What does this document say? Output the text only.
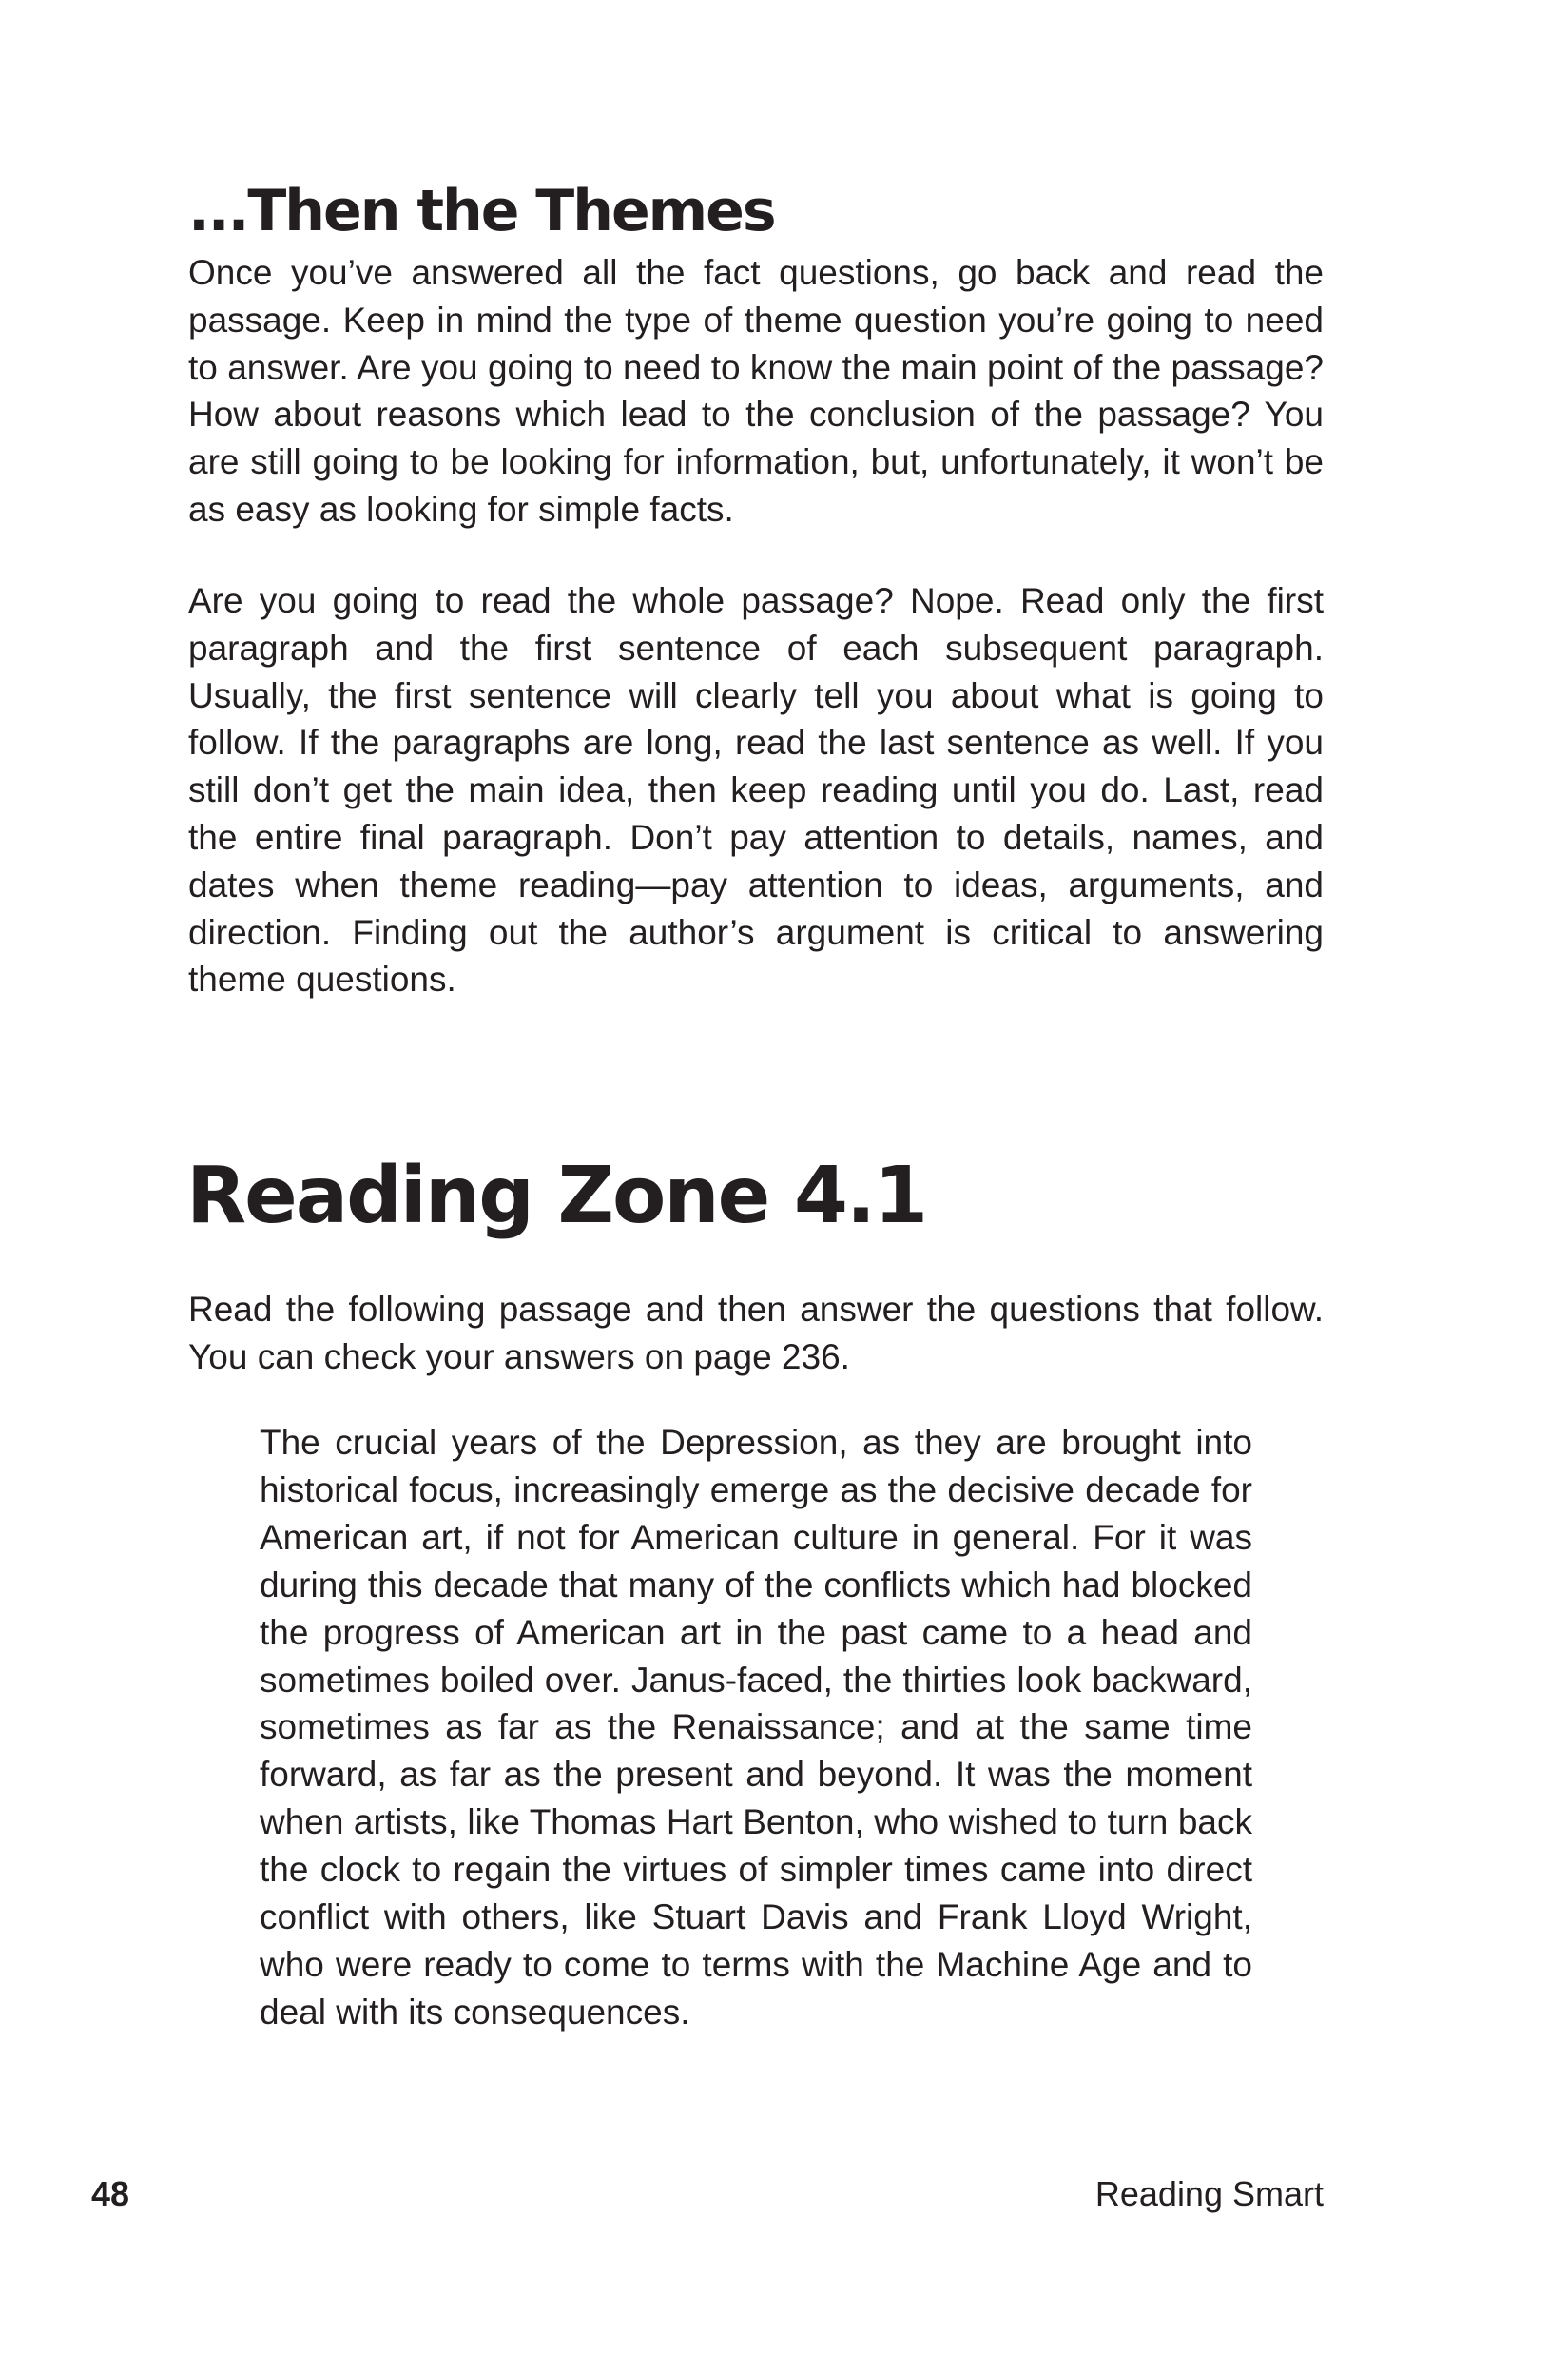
...Then the Themes

Once you’ve answered all the fact questions, go back and read the passage. Keep in mind the type of theme question you’re going to need to answer. Are you going to need to know the main point of the passage? How about reasons which lead to the conclusion of the passage? You are still going to be looking for information, but, unfortunately, it won’t be as easy as looking for simple facts.

Are you going to read the whole passage? Nope. Read only the first paragraph and the first sentence of each subsequent paragraph. Usually, the first sentence will clearly tell you about what is going to follow. If the paragraphs are long, read the last sentence as well. If you still don’t get the main idea, then keep reading until you do. Last, read the entire final paragraph. Don’t pay attention to details, names, and dates when theme reading—pay attention to ideas, arguments, and direction. Finding out the author’s argument is critical to answering theme questions.

Reading Zone 4.1

Read the following passage and then answer the questions that follow. You can check your answers on page 236.

The crucial years of the Depression, as they are brought into historical focus, increasingly emerge as the decisive decade for American art, if not for American culture in general. For it was during this decade that many of the conflicts which had blocked the progress of American art in the past came to a head and sometimes boiled over. Janus-faced, the thirties look backward, sometimes as far as the Renaissance; and at the same time forward, as far as the present and beyond. It was the moment when artists, like Thomas Hart Benton, who wished to turn back the clock to regain the virtues of simpler times came into direct conflict with others, like Stuart Davis and Frank Lloyd Wright, who were ready to come to terms with the Machine Age and to deal with its consequences.

48	Reading Smart
